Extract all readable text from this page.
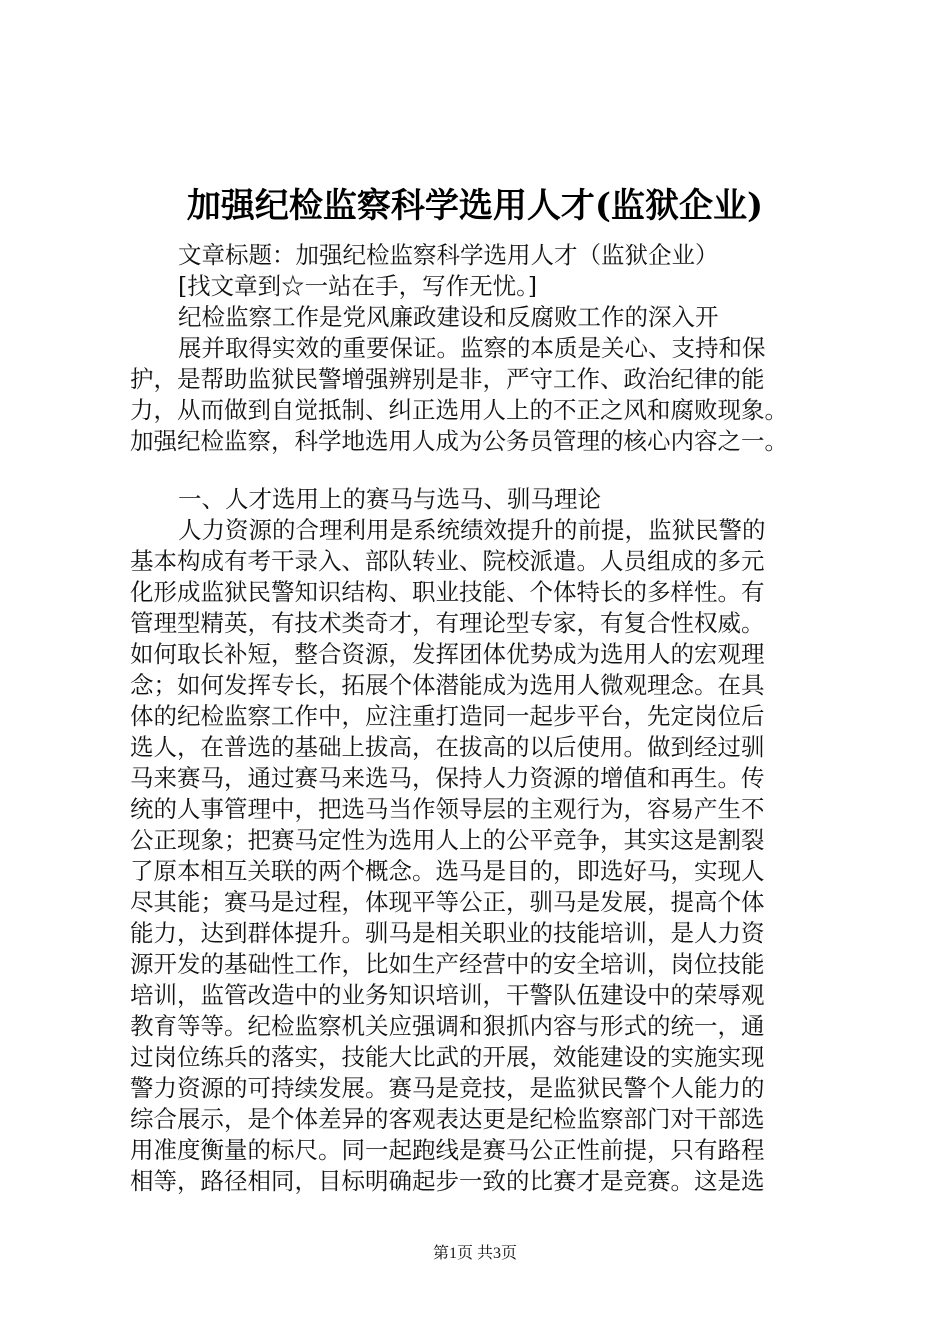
加强纪检监察科学选用人才(监狱企业)
文章标题：加强纪检监察科学选用人才（监狱企业）
[找文章到☆一站在手，写作无忧。]
纪检监察工作是党风廉政建设和反腐败工作的深入开
展并取得实效的重要保证。监察的本质是关心、支持和保
护，是帮助监狱民警增强辨别是非，严守工作、政治纪律的能
力，从而做到自觉抵制、纠正选用人上的不正之风和腐败现象。
加强纪检监察，科学地选用人成为公务员管理的核心内容之一。
一、人才选用上的赛马与选马、驯马理论
人力资源的合理利用是系统绩效提升的前提，监狱民警的
基本构成有考干录入、部队转业、院校派遣。人员组成的多元
化形成监狱民警知识结构、职业技能、个体特长的多样性。有
管理型精英，有技术类奇才，有理论型专家，有复合性权威。
如何取长补短，整合资源，发挥团体优势成为选用人的宏观理
念；如何发挥专长，拓展个体潜能成为选用人微观理念。在具
体的纪检监察工作中，应注重打造同一起步平台，先定岗位后
选人，在普选的基础上拔高，在拔高的以后使用。做到经过驯
马来赛马，通过赛马来选马，保持人力资源的增值和再生。传
统的人事管理中，把选马当作领导层的主观行为，容易产生不
公正现象；把赛马定性为选用人上的公平竞争，其实这是割裂
了原本相互关联的两个概念。选马是目的，即选好马，实现人
尽其能；赛马是过程，体现平等公正，驯马是发展，提高个体
能力，达到群体提升。驯马是相关职业的技能培训，是人力资
源开发的基础性工作，比如生产经营中的安全培训，岗位技能
培训，监管改造中的业务知识培训，干警队伍建设中的荣辱观
教育等等。纪检监察机关应强调和狠抓内容与形式的统一，通
过岗位练兵的落实，技能大比武的开展，效能建设的实施实现
警力资源的可持续发展。赛马是竞技，是监狱民警个人能力的
综合展示，是个体差异的客观表达更是纪检监察部门对干部选
用准度衡量的标尺。同一起跑线是赛马公正性前提，只有路程
相等，路径相同，目标明确起步一致的比赛才是竞赛。这是选
第1页 共3页
